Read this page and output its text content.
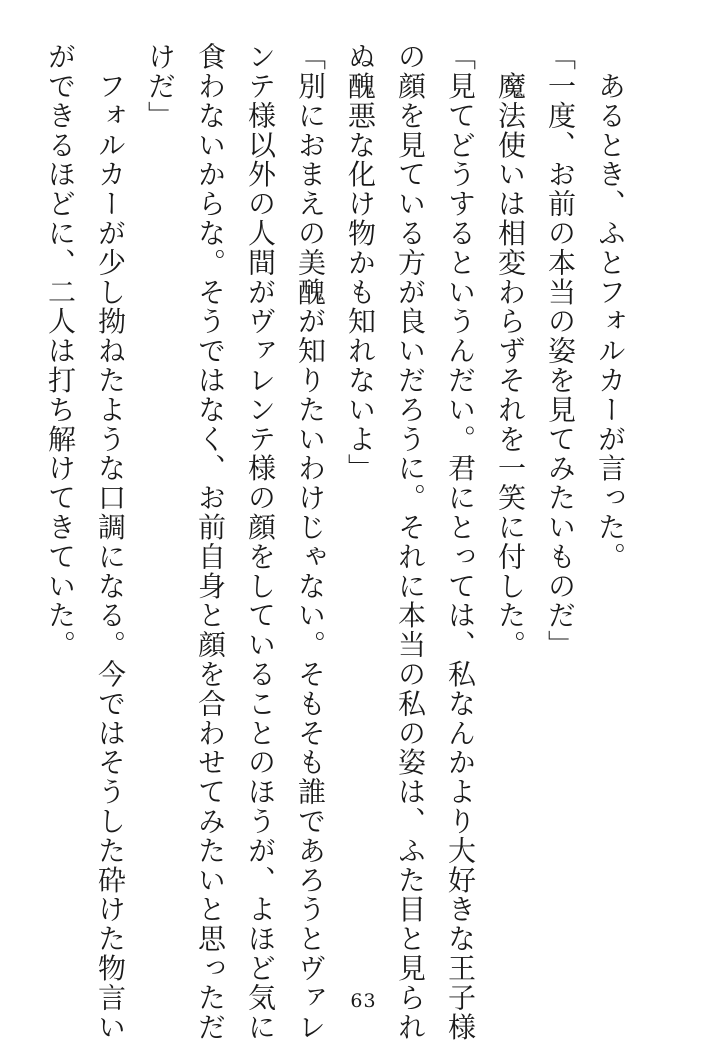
　あるとき、ふとフォルカーが言った。

「一度、お前の本当の姿を見てみたいものだ」

　魔法使いは相変わらずそれを一笑に付した。

「見てどうするというんだい。君にとっては、私なんかより大好きな王子様

の顔を見ている方が良いだろうに。それに本当の私の姿は、ふた目と見られ

ぬ醜悪な化け物かも知れないよ」

「別におまえの美醜が知りたいわけじゃない。そもそも誰であろうとヴァレ

ンテ様以外の人間がヴァレンテ様の顔をしていることのほうが、よほど気に

食わないからな。そうではなく、お前自身と顔を合わせてみたいと思っただ

けだ」

　フォルカーが少し拗ねたような口調になる。今ではそうした砕けた物言い

ができるほどに、二人は打ち解けてきていた。

63
